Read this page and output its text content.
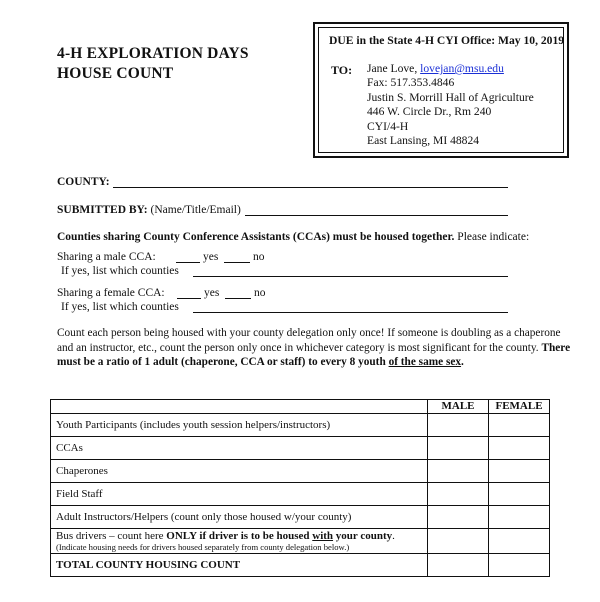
4-H EXPLORATION DAYS
HOUSE COUNT
DUE in the State 4-H CYI Office: May 10, 2019
TO: Jane Love, lovejan@msu.edu
Fax: 517.353.4846
Justin S. Morrill Hall of Agriculture
446 W. Circle Dr., Rm 240
CYI/4-H
East Lansing, MI 48824
COUNTY:
SUBMITTED BY: (Name/Title/Email)
Counties sharing County Conference Assistants (CCAs) must be housed together. Please indicate:
Sharing a male CCA:	yes	no
If yes, list which counties
Sharing a female CCA:	yes	no
If yes, list which counties
Count each person being housed with your county delegation only once! If someone is doubling as a chaperone and an instructor, etc., count the person only once in whichever category is most significant for the county. There must be a ratio of 1 adult (chaperone, CCA or staff) to every 8 youth of the same sex.
	MALE	FEMALE
Youth Participants (includes youth session helpers/instructors)		
CCAs		
Chaperones		
Field Staff		
Adult Instructors/Helpers (count only those housed w/your county)		
Bus drivers – count here ONLY if driver is to be housed with your county.
(Indicate housing needs for drivers housed separately from county delegation below.)		

TOTAL COUNTY HOUSING COUNT		
